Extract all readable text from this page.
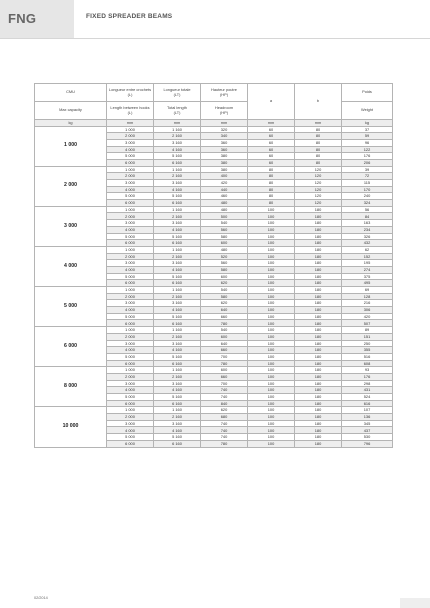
FNG	FIXED SPREADER BEAMS
CMU	Longueur entre crochets
(L)	Longueur totale
(LT)	Hauteur poutre
(HP)	a	b	Poids

Max capacity	Length between hooks
(L)	Total length
(LT)	Headroom
(HP)			Weight

kg	mm	mm	mm	mm	mm	kg
1 000	1 000	1 160	320	60	80	37
	2 000	2 160	340	60	80	59
	3 000	3 160	360	60	80	96
	4 000	4 160	360	60	80	122
	5 000	5 160	380	60	80	176
	6 000	6 160	380	60	80	206
2 000	1 000	1 160	380	80	120	39
	2 000	2 160	400	80	120	72
	3 000	3 160	420	80	120	115
	4 000	4 160	440	80	120	170
	5 000	5 160	460	80	120	240
	6 000	6 160	480	80	120	324
3 000	1 000	1 160	480	100	180	56
	2 000	2 160	500	100	180	84
	3 000	3 160	540	100	180	163
	4 000	4 160	560	100	180	234
	5 000	5 160	580	100	180	326
	6 000	6 160	600	100	180	432
4 000	1 000	1 160	480	100	180	62
	2 000	2 160	520	100	180	152
	3 000	3 160	560	100	180	195
	4 000	4 160	580	100	180	274
	5 000	5 160	600	100	180	375
	6 000	6 160	620	100	180	495
5 000	1 000	1 160	540	100	180	69
	2 000	2 160	580	100	180	128
	3 000	3 160	620	100	180	216
	4 000	4 160	640	100	180	306
	5 000	5 160	660	100	180	420
	6 000	6 160	780	100	180	507
6 000	1 000	1 160	540	100	180	89
	2 000	2 160	600	100	180	151
	3 000	3 160	640	100	180	250
	4 000	4 160	660	100	180	355
	5 000	5 160	700	100	180	516
	6 000	6 160	780	100	180	608
8 000	1 000	1 160	600	100	180	93
	2 000	2 160	660	100	180	176
	3 000	3 160	700	100	180	298
	4 000	4 160	740	100	180	431
	5 000	5 160	740	100	180	524
	6 000	6 160	840	100	180	616
10 000	1 000	1 160	620	100	180	107
	2 000	2 160	680	100	180	136
	3 000	3 160	740	100	180	345
	4 000	4 160	740	100	180	437
	5 000	5 160	740	100	180	530
	6 000	6 160	780	100	180	796
02/2014
